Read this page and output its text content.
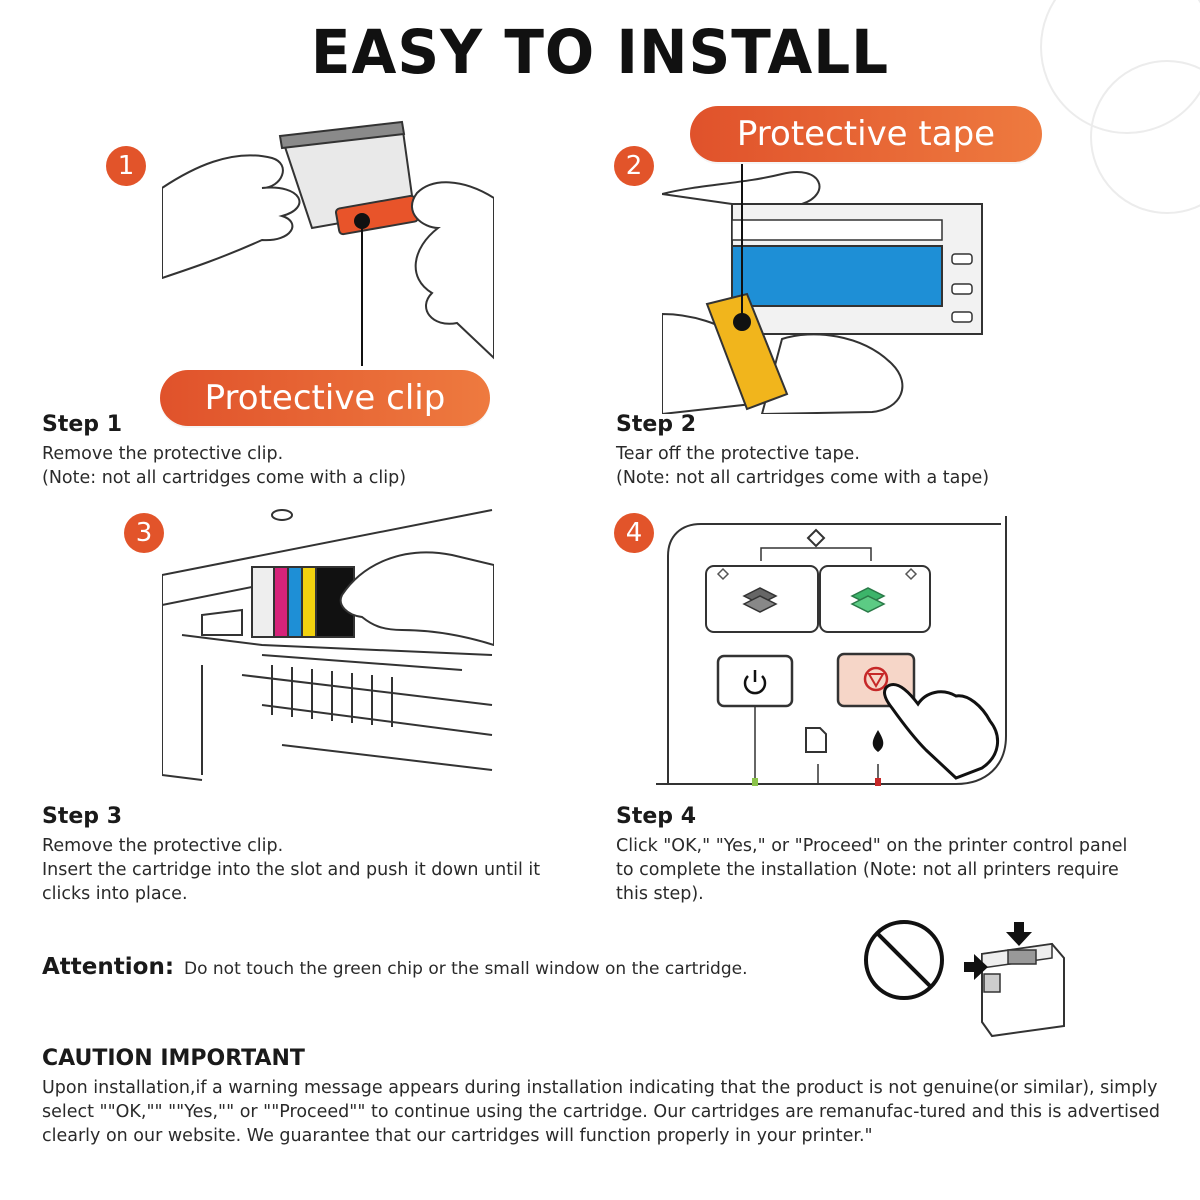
EASY TO INSTALL
1
Protective clip
Step 1
Remove the protective clip.
(Note: not all cartridges come with a clip)
2
Protective tape
Step 2
Tear off the protective tape.
(Note: not all cartridges come with a tape)
3
Step 3
Remove the protective clip.
Insert the cartridge into the slot and push it down until it
clicks into place.
4
Step 4
Click "OK," "Yes," or "Proceed" on the printer control panel
to complete the installation (Note: not all printers require
this step).
Attention: Do not touch the green chip or the small window on the cartridge.
CAUTION IMPORTANT
Upon installation,if a warning message appears during installation indicating that the product is not genuine(or similar), simply select ""OK,"" ""Yes,"" or ""Proceed"" to continue using the cartridge. Our cartridges are remanufac-tured and this is advertised clearly on our website. We guarantee that our cartridges will function properly in your printer."
